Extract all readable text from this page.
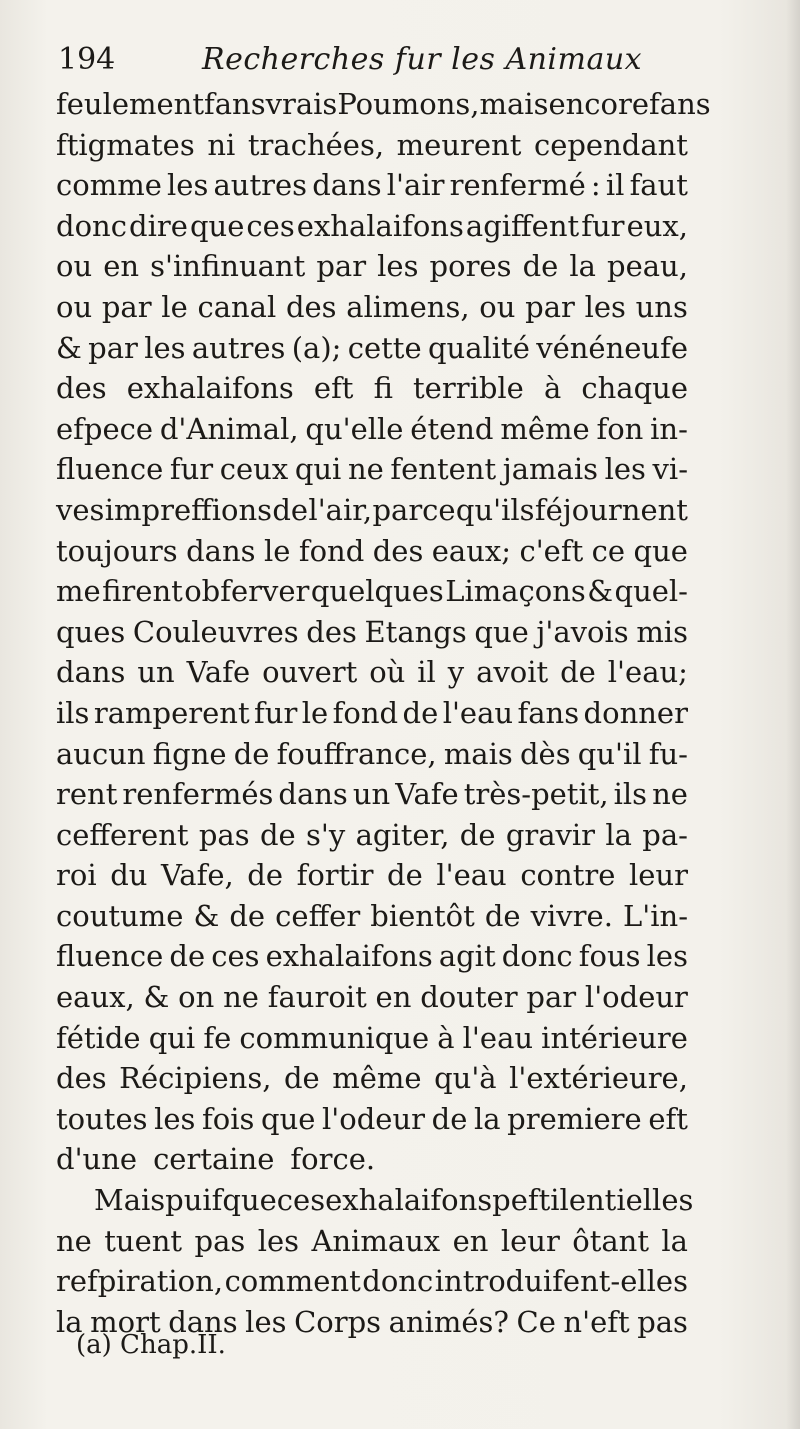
194	Recherches fur les Animaux
feulement fans vrais Poumons,mais encore fans
ftigmates ni trachées, meurent cependant
comme les autres dans l'air renfermé : il faut
donc dire que ces exhalaifons agiffent fur eux,
ou en s'infinuant par les pores de la peau,
ou par le canal des alimens, ou par les uns
& par les autres (a); cette qualité vénéneufe
des exhalaifons eft fi terrible à chaque
efpece d'Animal, qu'elle étend même fon in-
fluence fur ceux qui ne fentent jamais les vi-
ves impreffions de l'air, parce qu'ils féjournent
toujours dans le fond des eaux; c'eft ce que
me firent obferver quelques Limaçons & quel-
ques Couleuvres des Etangs que j'avois mis
dans un Vafe ouvert où il y avoit de l'eau;
ils ramperent fur le fond de l'eau fans donner
aucun figne de fouffrance, mais dès qu'il fu-
rent renfermés dans un Vafe très-petit, ils ne
cefferent pas de s'y agiter, de gravir la pa-
roi du Vafe, de fortir de l'eau contre leur
coutume & de ceffer bientôt de vivre. L'in-
fluence de ces exhalaifons agit donc fous les
eaux, & on ne fauroit en douter par l'odeur
fétide qui fe communique à l'eau intérieure
des Récipiens, de même qu'à l'extérieure,
toutes les fois que l'odeur de la premiere eft
d'une certaine force.
Mais puifque ces exhalaifons peftilentielles
ne tuent pas les Animaux en leur ôtant la
refpiration, comment donc introduifent-elles
la mort dans les Corps animés? Ce n'eft pas
(a) Chap.II.
